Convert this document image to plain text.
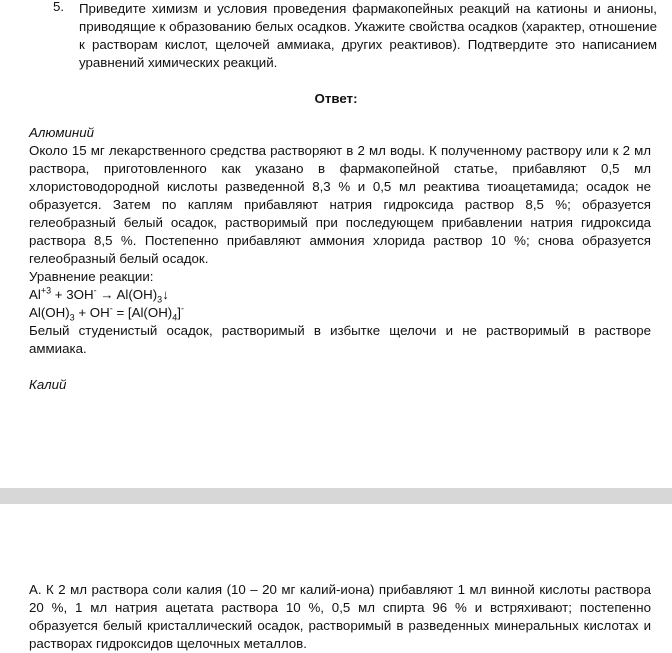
5. Приведите химизм и условия проведения фармакопейных реакций на катионы и анионы, приводящие к образованию белых осадков. Укажите свойства осадков (характер, отношение к растворам кислот, щелочей аммиака, других реактивов). Подтвердите это написанием уравнений химических реакций.
Ответ:
Алюминий
Около 15 мг лекарственного средства растворяют в 2 мл воды. К полученному раствору или к 2 мл раствора, приготовленного как указано в фармакопейной статье, прибавляют 0,5 мл хлористоводородной кислоты разведенной 8,3 % и 0,5 мл реактива тиоацетамида; осадок не образуется. Затем по каплям прибавляют натрия гидроксида раствор 8,5 %; образуется гелеобразный белый осадок, растворимый при последующем прибавлении натрия гидроксида раствора 8,5 %. Постепенно прибавляют аммония хлорида раствор 10 %; снова образуется гелеобразный белый осадок.
Уравнение реакции:
$Al^{+3} + 3OH^-$ → $Al(OH)_3↓$
$Al(OH)_3 + OH^- = [Al(OH)_4]^-$
Белый студенистый осадок, растворимый в избытке щелочи и не растворимый в растворе аммиака.
Калий
А. К 2 мл раствора соли калия (10 – 20 мг калий-иона) прибавляют 1 мл винной кислоты раствора 20 %, 1 мл натрия ацетата раствора 10 %, 0,5 мл спирта 96 % и встряхивают; постепенно образуется белый кристаллический осадок, растворимый в разведенных минеральных кислотах и растворах гидроксидов щелочных металлов.
